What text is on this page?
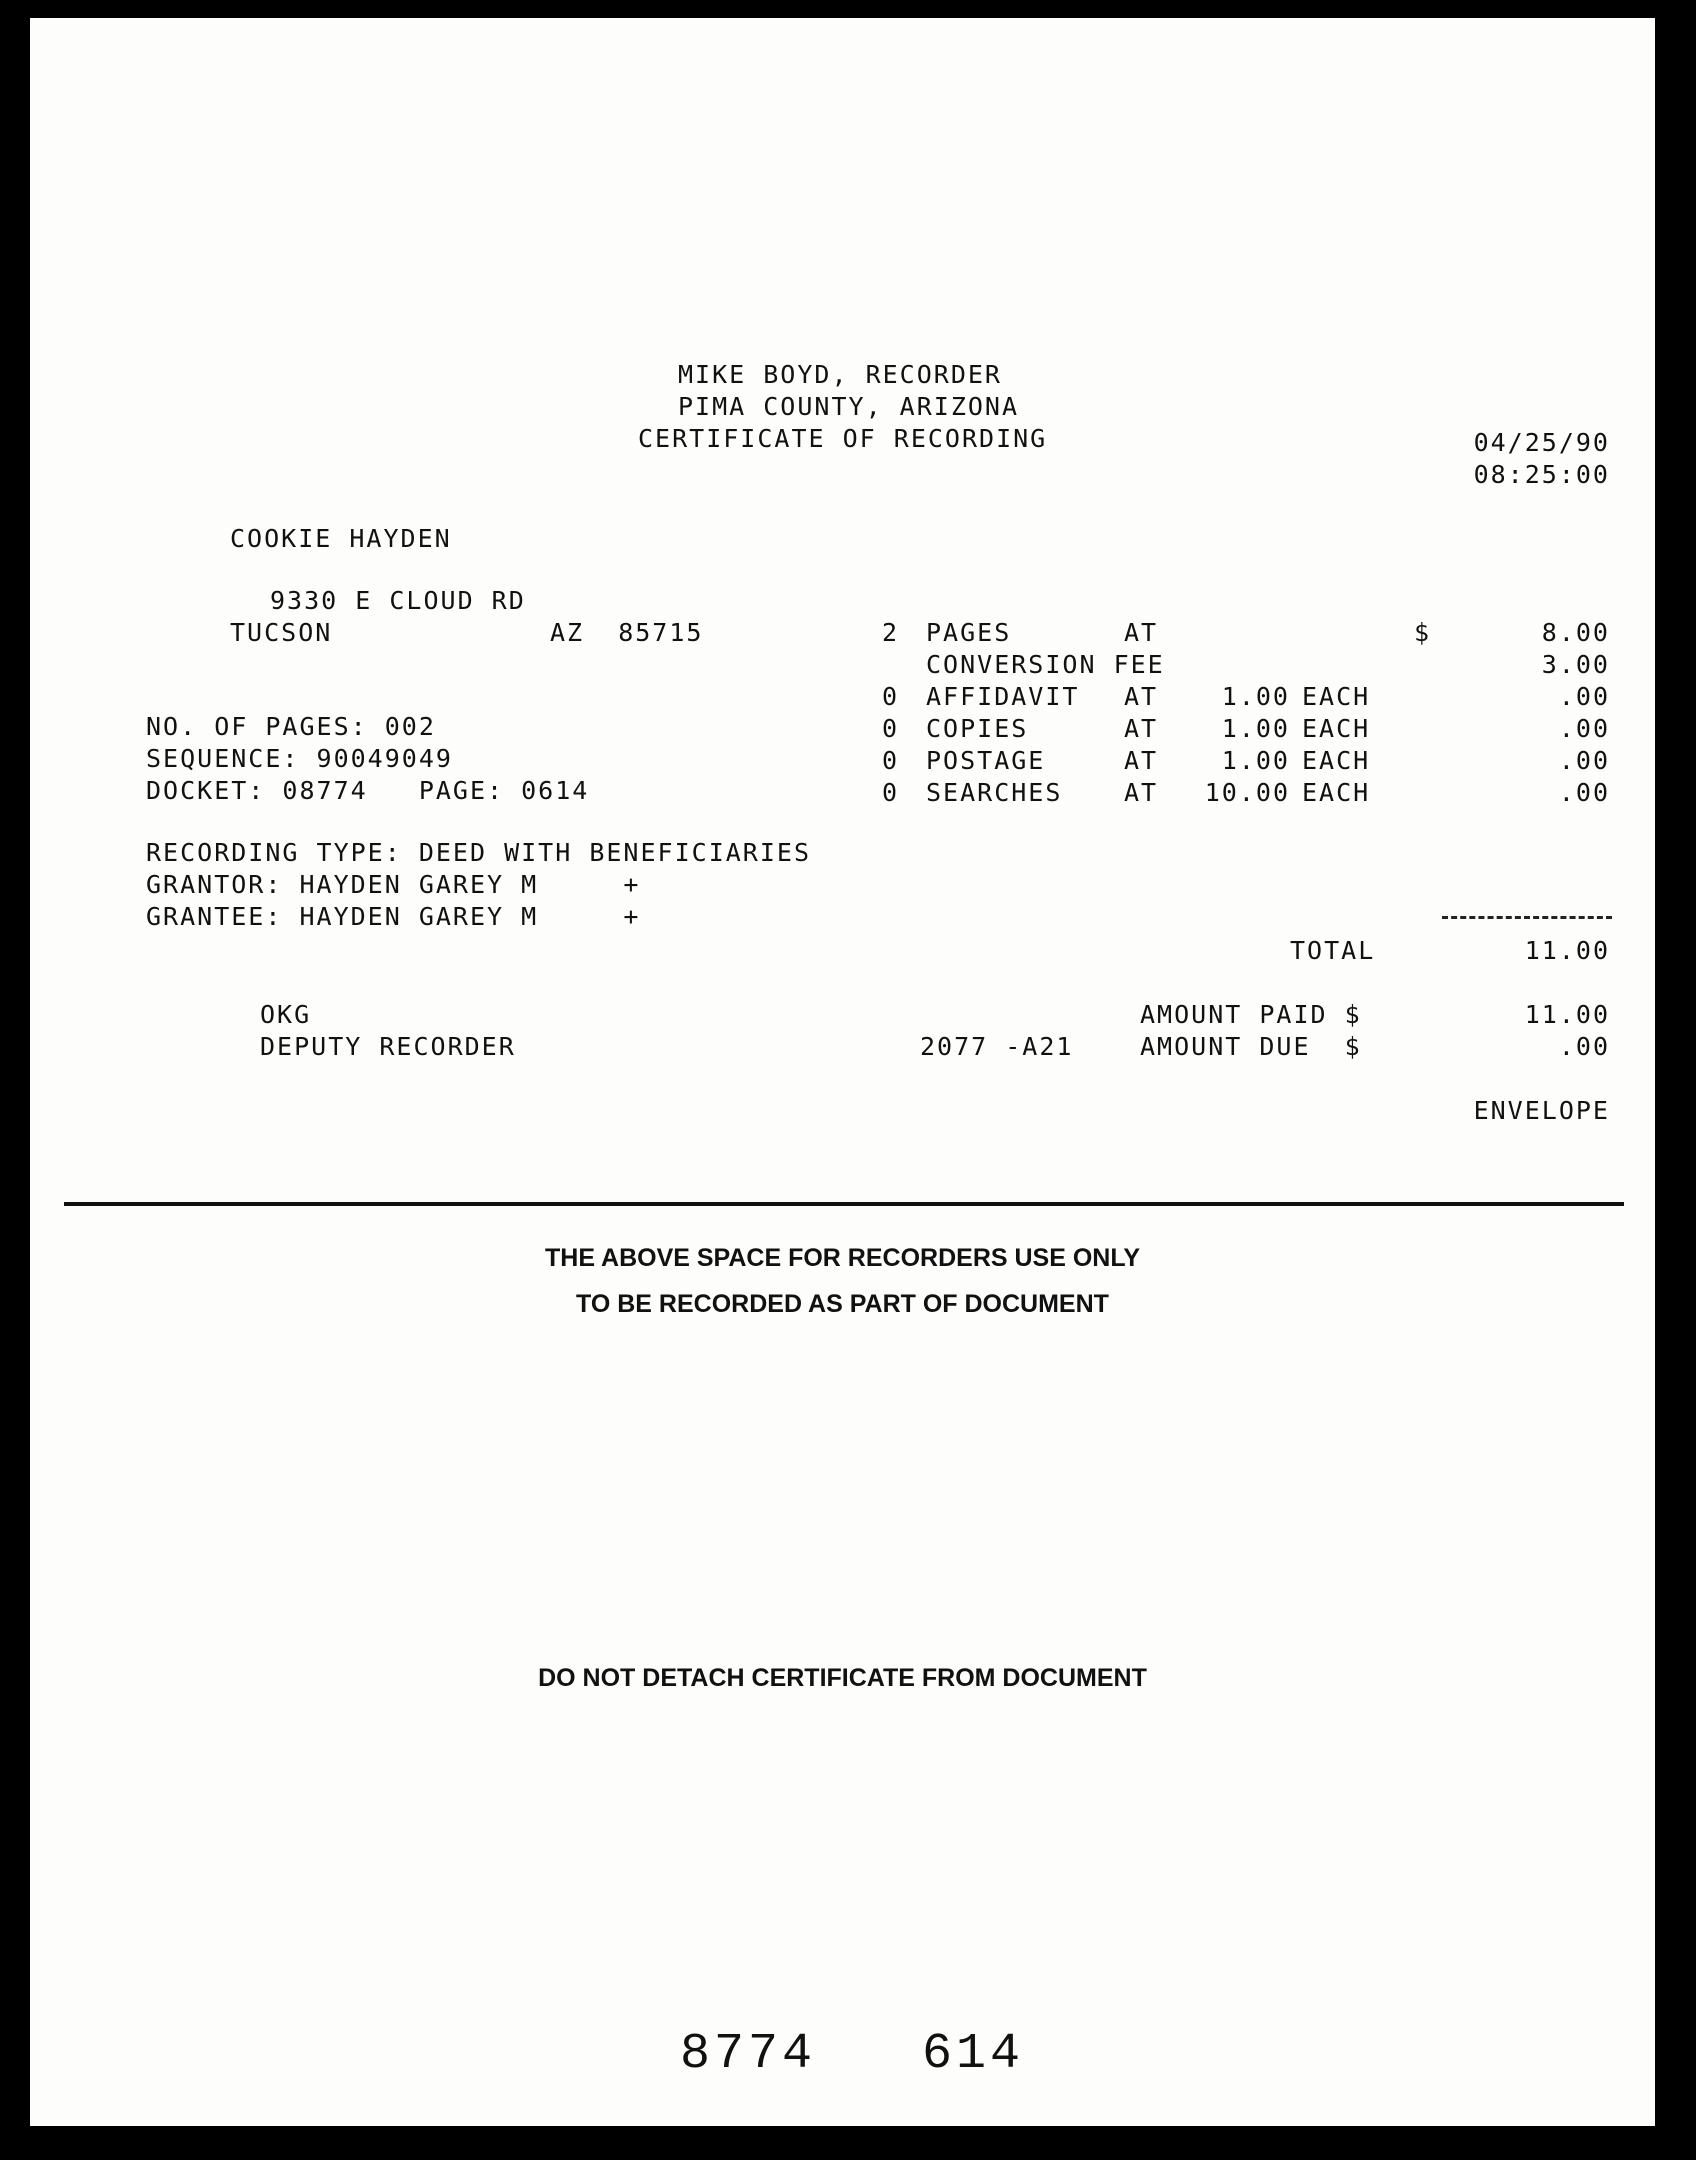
MIKE BOYD, RECORDER
PIMA COUNTY, ARIZONA
CERTIFICATE OF RECORDING	04/25/90
08:25:00
COOKIE HAYDEN
9330 E CLOUD RD
TUCSON	AZ  85715
NO. OF PAGES: 002
SEQUENCE: 90049049
DOCKET: 08774   PAGE: 0614
2 PAGES	AT	$	8.00
CONVERSION FEE	3.00
0 AFFIDAVIT AT	1.00 EACH	.00
0 COPIES	AT	1.00 EACH	.00
0 POSTAGE	AT	1.00 EACH	.00
0 SEARCHES AT	10.00 EACH	.00
RECORDING TYPE: DEED WITH BENEFICIARIES
GRANTOR: HAYDEN GAREY M     +
GRANTEE: HAYDEN GAREY M     +
TOTAL	11.00
OKG
DEPUTY RECORDER
AMOUNT PAID $	11.00
2077 -A21	AMOUNT DUE  $	.00
ENVELOPE
THE ABOVE SPACE FOR RECORDERS USE ONLY
TO BE RECORDED AS PART OF DOCUMENT
DO NOT DETACH CERTIFICATE FROM DOCUMENT
8774 614
